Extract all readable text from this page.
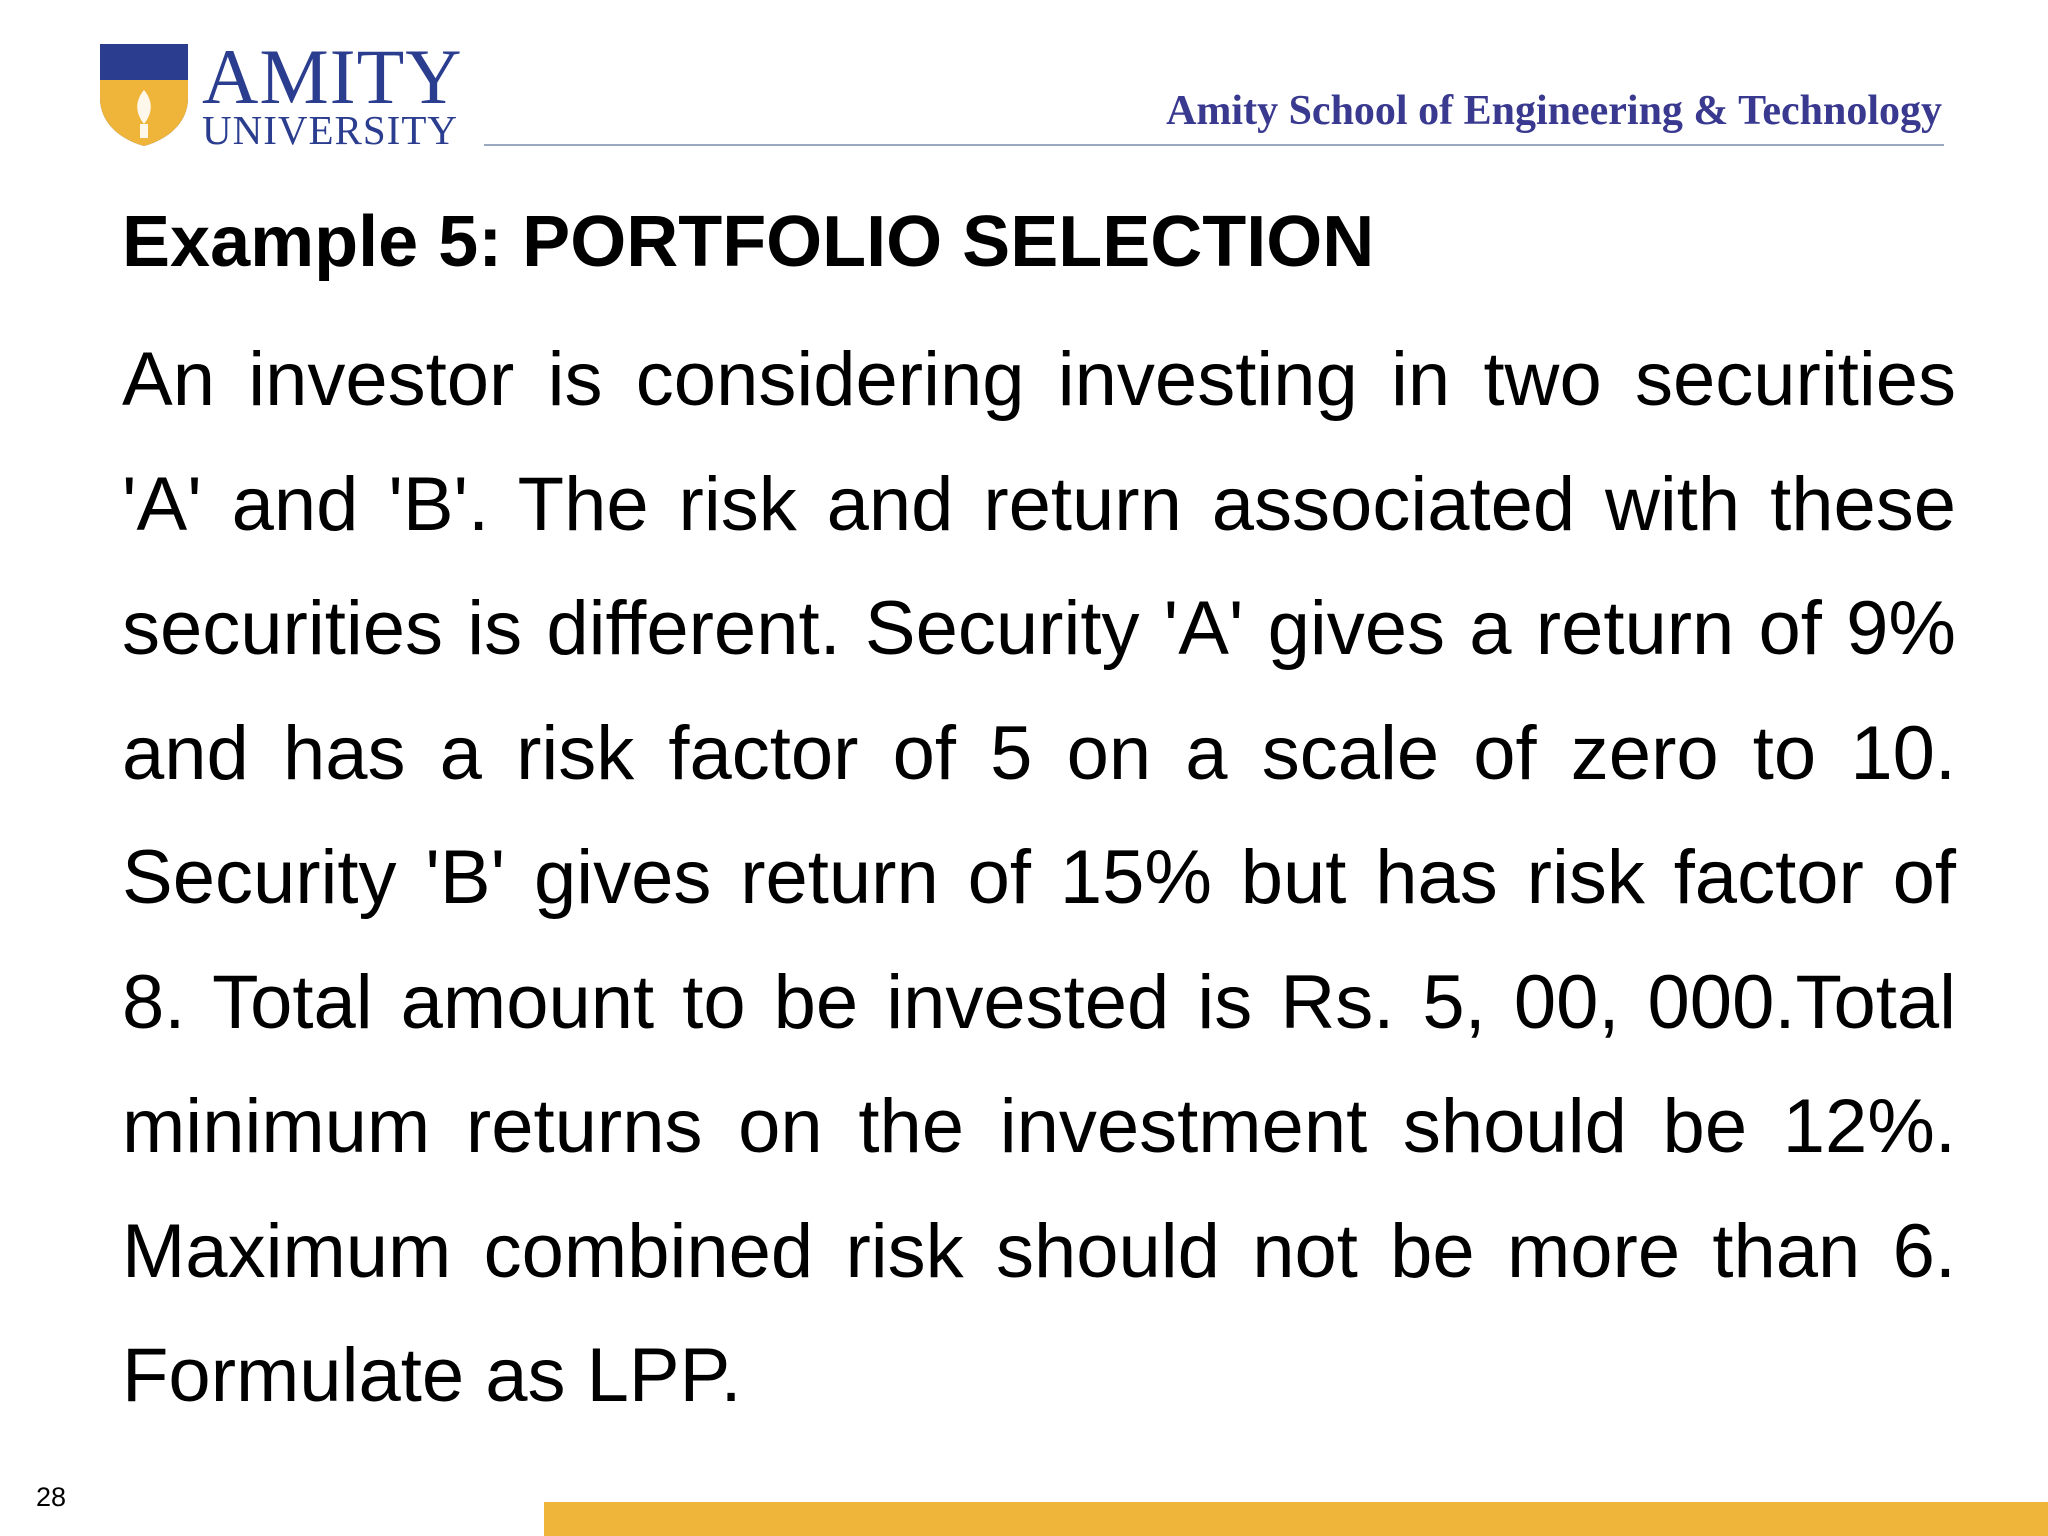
AMITY
UNIVERSITY	Amity School of Engineering & Technology
Example 5: PORTFOLIO SELECTION

An investor is considering investing in two securities 'A' and 'B'. The risk and return associated with these securities is different. Security 'A' gives a return of 9% and has a risk factor of 5 on a scale of zero to 10. Security 'B' gives return of 15% but has risk factor of 8. Total amount to be invested is Rs. 5, 00, 000.Total minimum returns on the investment should be 12%. Maximum combined risk should not be more than 6. Formulate as LPP.

28
